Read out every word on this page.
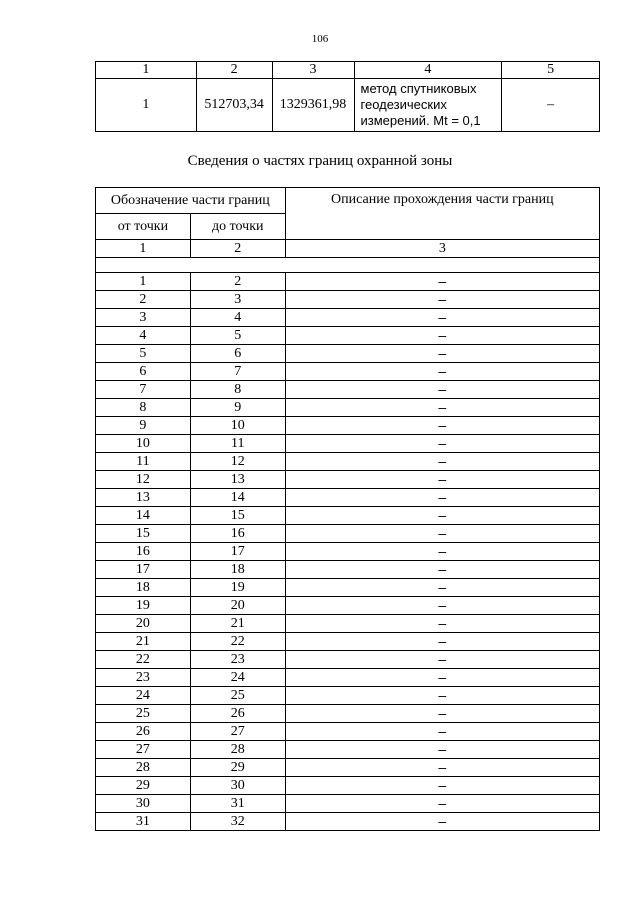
106
1	2	3	4	5
1	512703,34	1329361,98	метод спутниковых
геодезических
измерений. Mt = 0,1	–
Сведения о частях границ охранной зоны
Обозначение части границ		Описание прохождения части границ
от точки	до точки	
1	2	3

1	2	–
2	3	–
3	4	–
4	5	–
5	6	–
6	7	–
7	8	–
8	9	–
9	10	–
10	11	–
11	12	–
12	13	–
13	14	–
14	15	–
15	16	–
16	17	–
17	18	–
18	19	–
19	20	–
20	21	–
21	22	–
22	23	–
23	24	–
24	25	–
25	26	–
26	27	–
27	28	–
28	29	–
29	30	–
30	31	–
31	32	–
